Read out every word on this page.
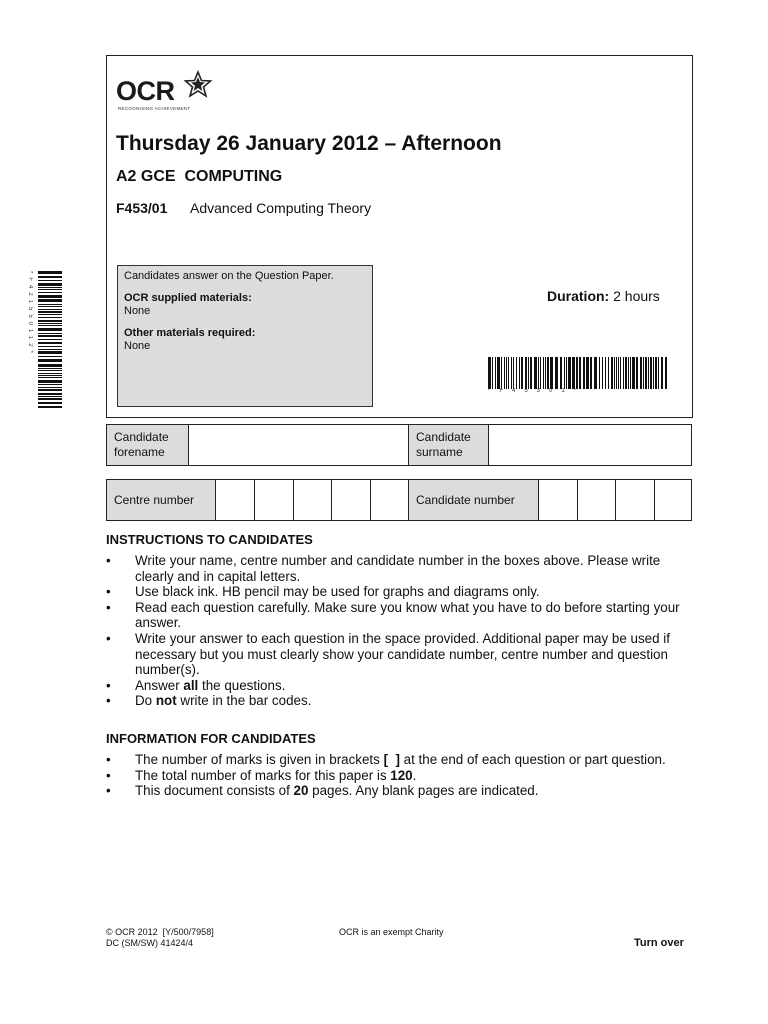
OCR
RECOGNISING ACHIEVEMENT
Thursday 26 January 2012 – Afternoon
A2 GCE  COMPUTING
F453/01 Advanced Computing Theory
Candidates answer on the Question Paper.
OCR supplied materials:
None
Other materials required:
None
Duration: 2 hours
*F45301*
*F421550112*
Candidate forename
Candidate surname
Centre number	Candidate number
INSTRUCTIONS TO CANDIDATES
•	Write your name, centre number and candidate number in the boxes above. Please write clearly and in capital letters.
•	Use black ink. HB pencil may be used for graphs and diagrams only.
•	Read each question carefully. Make sure you know what you have to do before starting your answer.
•	Write your answer to each question in the space provided. Additional paper may be used if necessary but you must clearly show your candidate number, centre number and question number(s).
•	Answer all the questions.
•	Do not write in the bar codes.
INFORMATION FOR CANDIDATES
•	The number of marks is given in brackets [  ] at the end of each question or part question.
•	The total number of marks for this paper is 120.
•	This document consists of 20 pages. Any blank pages are indicated.
© OCR 2012  [Y/500/7958]
DC (SM/SW) 41424/4
OCR is an exempt Charity
Turn over
